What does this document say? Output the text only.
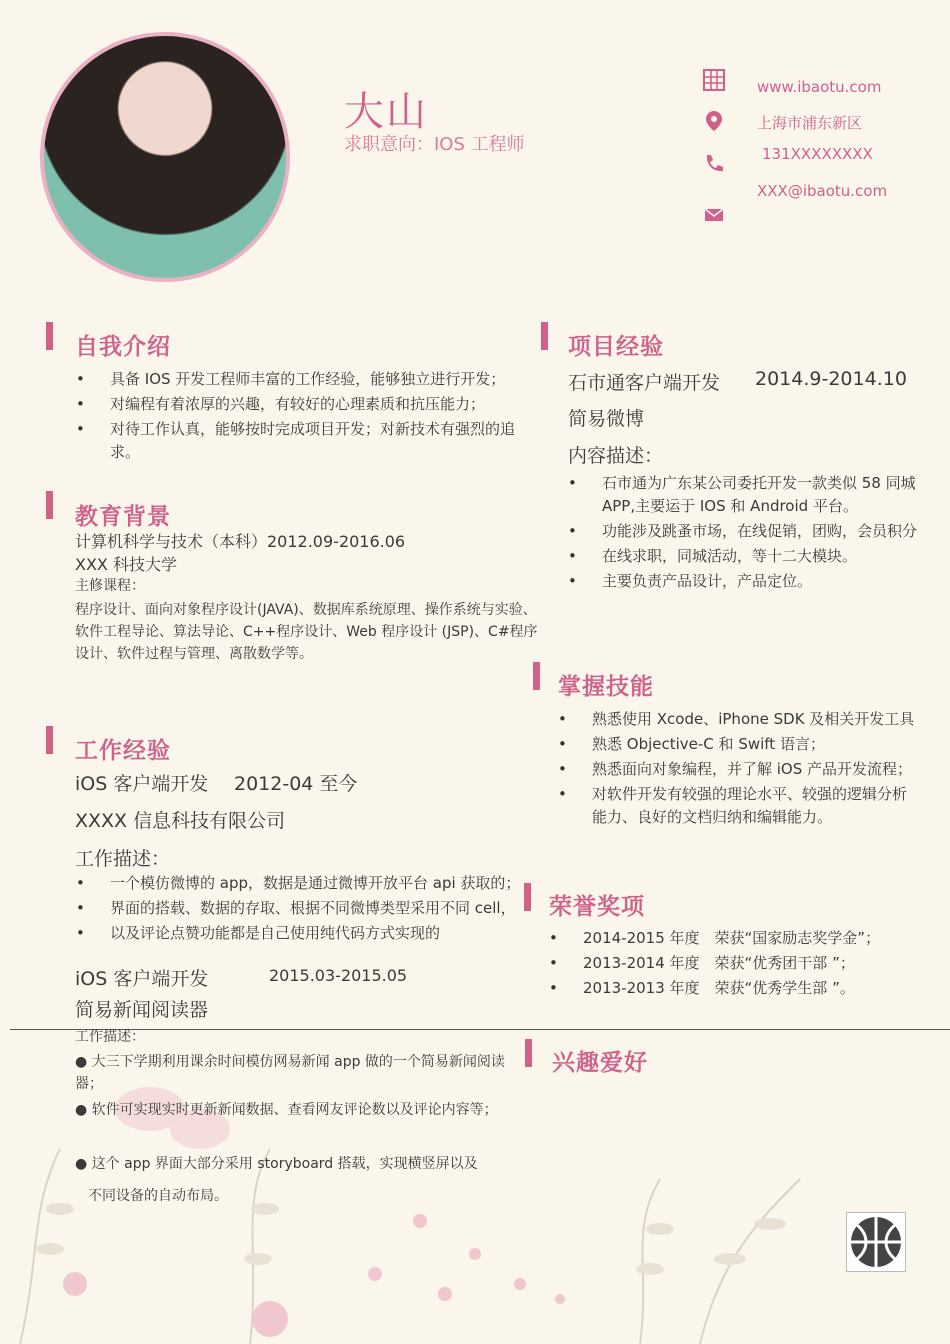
大山
求职意向：IOS 工程师
www.ibaotu.com
上海市浦东新区
131XXXXXXXX
XXX@ibaotu.com
自我介绍
• 具备 IOS 开发工程师丰富的工作经验，能够独立进行开发；
• 对编程有着浓厚的兴趣，有较好的心理素质和抗压能力；
• 对待工作认真，能够按时完成项目开发；对新技术有强烈的追求。
教育背景
计算机科学与技术（本科）2012.09-2016.06
XXX 科技大学
主修课程：
程序设计、面向对象程序设计(JAVA)、数据库系统原理、操作系统与实验、软件工程导论、算法导论、C++程序设计、Web 程序设计 (JSP)、C#程序设计、软件过程与管理、离散数学等。
工作经验
iOS 客户端开发 2012-04 至今
XXXX 信息科技有限公司
工作描述：
• 一个模仿微博的 app，数据是通过微博开放平台 api 获取的；
• 界面的搭载、数据的存取、根据不同微博类型采用不同 cell，
• 以及评论点赞功能都是自己使用纯代码方式实现的
iOS 客户端开发	2015.03-2015.05
简易新闻阅读器
工作描述：
● 大三下学期利用课余时间模仿网易新闻 app 做的一个简易新闻阅读器；
● 软件可实现实时更新新闻数据、查看网友评论数以及评论内容等；
● 这个 app 界面大部分采用 storyboard 搭载，实现横竖屏以及
不同设备的自动布局。
项目经验
石市通客户端开发 2014.9-2014.10
简易微博
内容描述：
• 石市通为广东某公司委托开发一款类似 58 同城 APP,主要运于 IOS 和 Android 平台。
• 功能涉及跳蚤市场，在线促销，团购，会员积分
• 在线求职，同城活动，等十二大模块。
• 主要负责产品设计，产品定位。
掌握技能
• 熟悉使用 Xcode、iPhone SDK 及相关开发工具
• 熟悉 Objective-C 和 Swift 语言；
• 熟悉面向对象编程，并了解 iOS 产品开发流程；
• 对软件开发有较强的理论水平、较强的逻辑分析能力、良好的文档归纳和编辑能力。
荣誉奖项
• 2014-2015 年度　荣获“国家励志奖学金”；
• 2013-2014 年度　荣获“优秀团干部 ”；
• 2013-2013 年度　荣获“优秀学生部 ”。
兴趣爱好
